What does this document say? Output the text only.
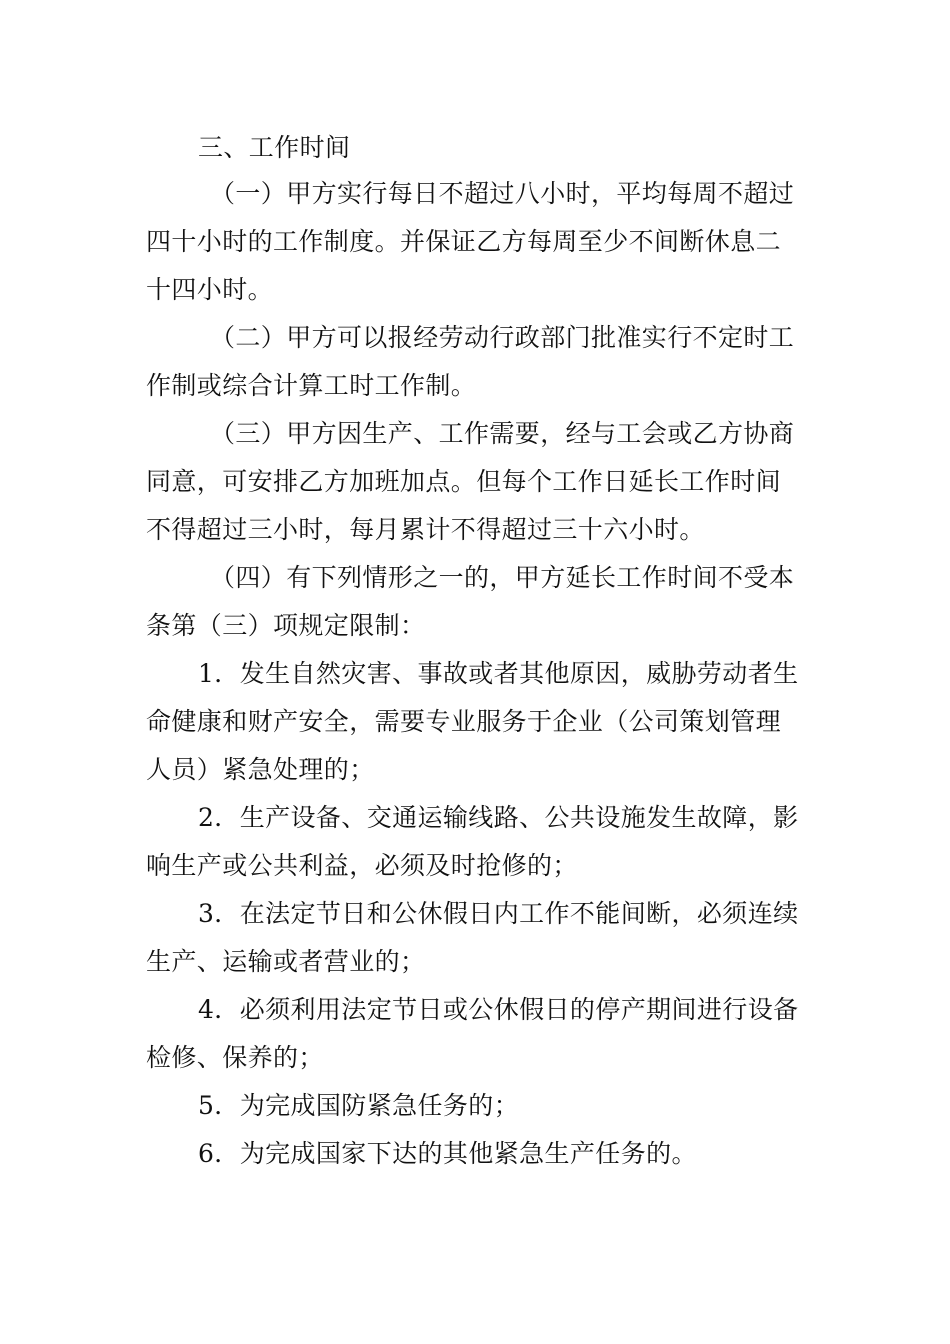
三、工作时间
（一）甲方实行每日不超过八小时，平均每周不超过
四十小时的工作制度。并保证乙方每周至少不间断休息二
十四小时。
（二）甲方可以报经劳动行政部门批准实行不定时工
作制或综合计算工时工作制。
（三）甲方因生产、工作需要，经与工会或乙方协商
同意，可安排乙方加班加点。但每个工作日延长工作时间
不得超过三小时，每月累计不得超过三十六小时。
（四）有下列情形之一的，甲方延长工作时间不受本
条第（三）项规定限制：
1．发生自然灾害、事故或者其他原因，威胁劳动者生
命健康和财产安全，需要专业服务于企业（公司策划管理
人员）紧急处理的；
2．生产设备、交通运输线路、公共设施发生故障，影
响生产或公共利益，必须及时抢修的；
3．在法定节日和公休假日内工作不能间断，必须连续
生产、运输或者营业的；
4．必须利用法定节日或公休假日的停产期间进行设备
检修、保养的；
5．为完成国防紧急任务的；
6．为完成国家下达的其他紧急生产任务的。
